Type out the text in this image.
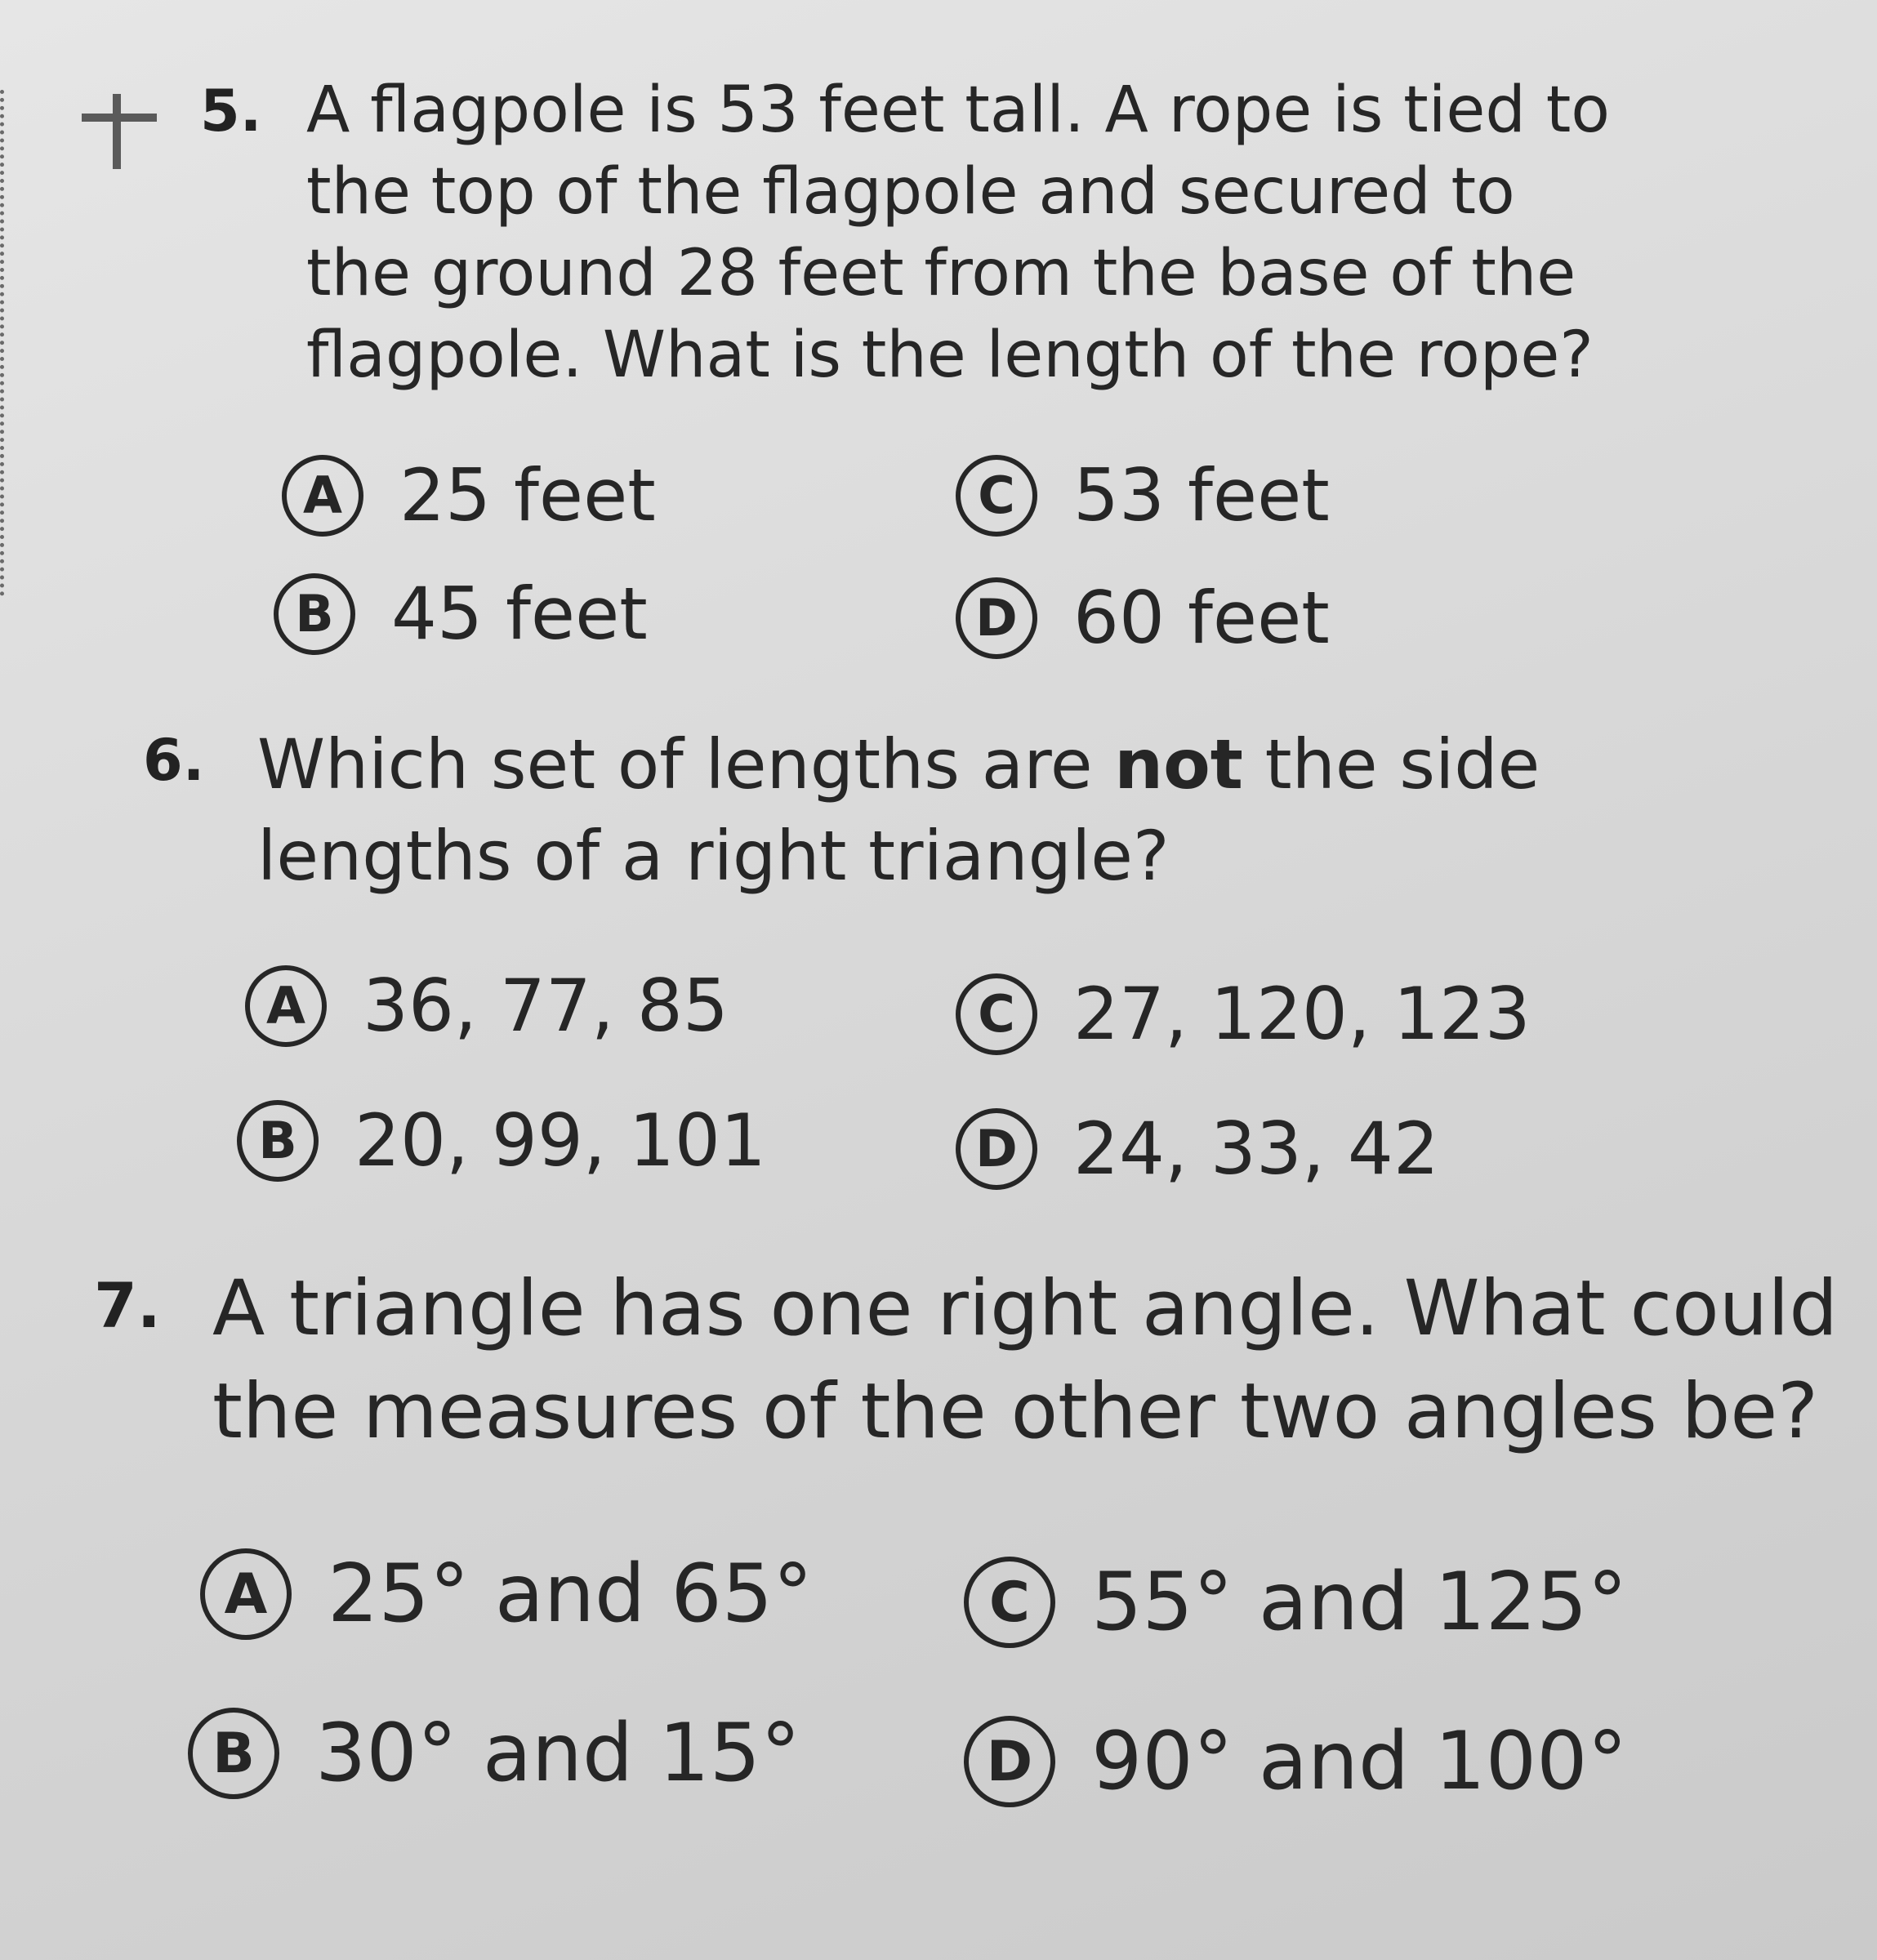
5. A flagpole is 53 feet tall. A rope is tied to
the top of the flagpole and secured to
the ground 28 feet from the base of the
flagpole. What is the length of the rope?
A 25 feet
B 45 feet
C 53 feet
D 60 feet
6. Which set of lengths are not the side
lengths of a right triangle?
A 36, 77, 85
B 20, 99, 101
C 27, 120, 123
D 24, 33, 42
7. A triangle has one right angle. What could
the measures of the other two angles be?
A 25° and 65°
B 30° and 15°
C 55° and 125°
D 90° and 100°
